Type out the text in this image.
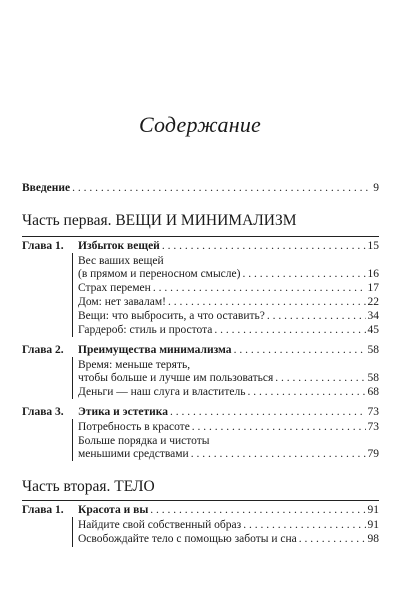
Содержание
Введение . . .	9
Часть первая. ВЕЩИ И МИНИМАЛИЗМ
Глава 1. Избыток вещей . . .	15
Вес ваших вещей
(в прямом и переносном смысле) . . .	16
Страх перемен . . .	17
Дом: нет завалам! . . .	22
Вещи: что выбросить, а что оставить? . . .	34
Гардероб: стиль и простота . . .	45
Глава 2. Преимущества минимализма . . .	58
Время: меньше терять,
чтобы больше и лучше им пользоваться . . .	58
Деньги — наш слуга и властитель . . .	68
Глава 3. Этика и эстетика . . .	73
Потребность в красоте . . .	73
Больше порядка и чистоты
меньшими средствами . . .	79
Часть вторая. ТЕЛО
Глава 1. Красота и вы . . .	91
Найдите свой собственный образ . . .	91
Освобождайте тело с помощью заботы и сна . . .	98
